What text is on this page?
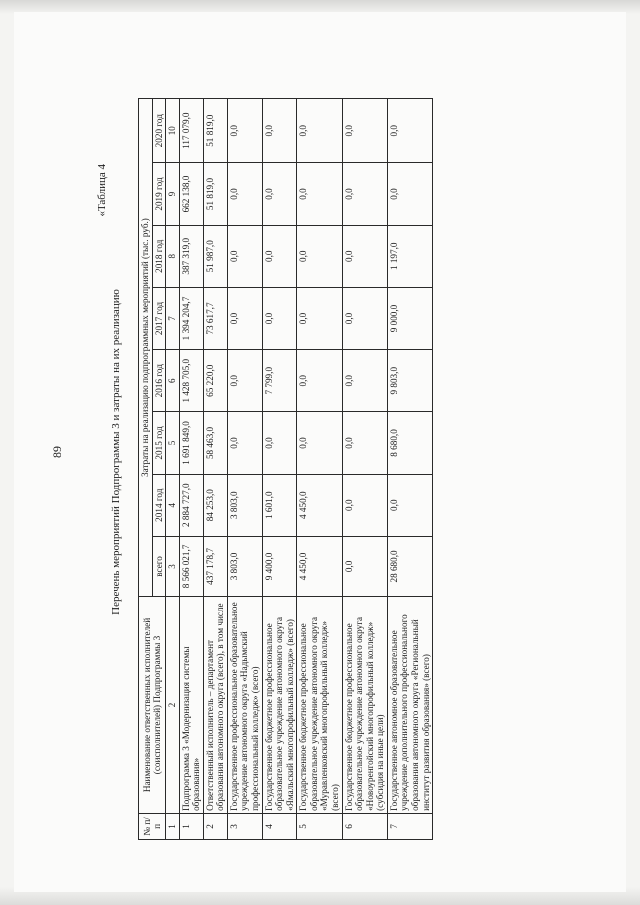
89
«Таблица 4
Перечень мероприятий Подпрограммы 3 и затраты на их реализацию
№ п/п	Наименование ответственных исполнителей (соисполнителей) Подпрограммы 3	Затраты на реализацию подпрограммных мероприятий (тыс. руб.)							
		всего	2014 год	2015 год	2016 год	2017 год	2018 год	2019 год	2020 год
1	2	3	4	5	6	7	8	9	10
1	Подпрограмма 3 «Модернизация системы образования»	8 566 021,7	2 884 727,0	1 691 849,0	1 428 705,0	1 394 204,7	387 319,0	662 138,0	117 079,0
2	Ответственный исполнитель – департамент образования автономного округа (всего), в том числе	437 178,7	84 253,0	58 463,0	65 220,0	73 617,7	51 987,0	51 819,0	51 819,0
3	Государственное профессиональное образовательное учреждение автономного округа «Надымский профессиональный колледж» (всего)	3 803,0	3 803,0	0,0	0,0	0,0	0,0	0,0	0,0
4	Государственное бюджетное профессиональное образовательное учреждение автономного округа «Ямальский многопрофильный колледж» (всего)	9 400,0	1 601,0	0,0	7 799,0	0,0	0,0	0,0	0,0
5	Государственное бюджетное профессиональное образовательное учреждение автономного округа «Муравленковский многопрофильный колледж» (всего)	4 450,0	4 450,0	0,0	0,0	0,0	0,0	0,0	0,0
6	Государственное бюджетное профессиональное образовательное учреждение автономного округа «Новоуренгойский многопрофильный колледж» (субсидия на иные цели)	0,0	0,0	0,0	0,0	0,0	0,0	0,0	0,0
7	Государственное автономное образовательное учреждение дополнительного профессионального образования автономного округа «Региональный институт развития образования» (всего)	28 680,0	0,0	8 680,0	9 803,0	9 000,0	1 197,0	0,0	0,0
